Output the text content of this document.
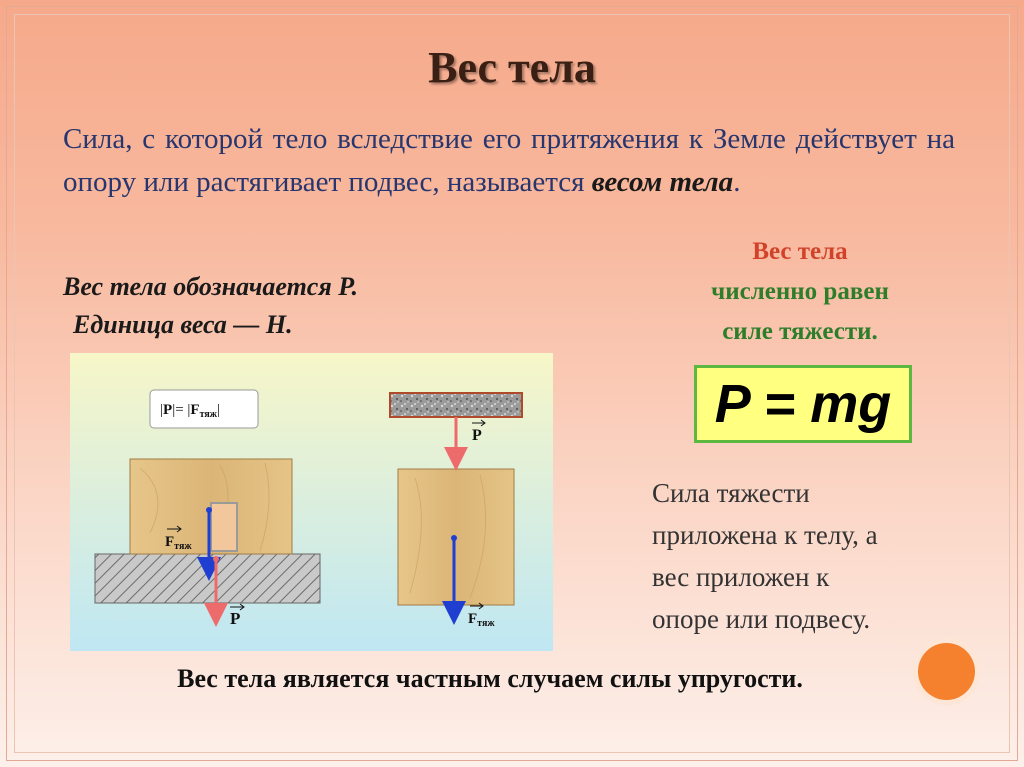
Вес тела
Сила, с которой тело вследствие его притяжения к Земле действует на опору или растягивает подвес, называется весом тела.
Вес тела обозначается Р.
Единица веса — Н.
Вес тела
численно равен
силе тяжести.
P = mg
Сила тяжести
приложена к телу, а
вес приложен к
опоре или подвесу.
$|P|= |F_{тяж}|$
$F_{тяж}$
P
P
$F_{тяж}$
Вес тела является частным случаем силы упругости.
